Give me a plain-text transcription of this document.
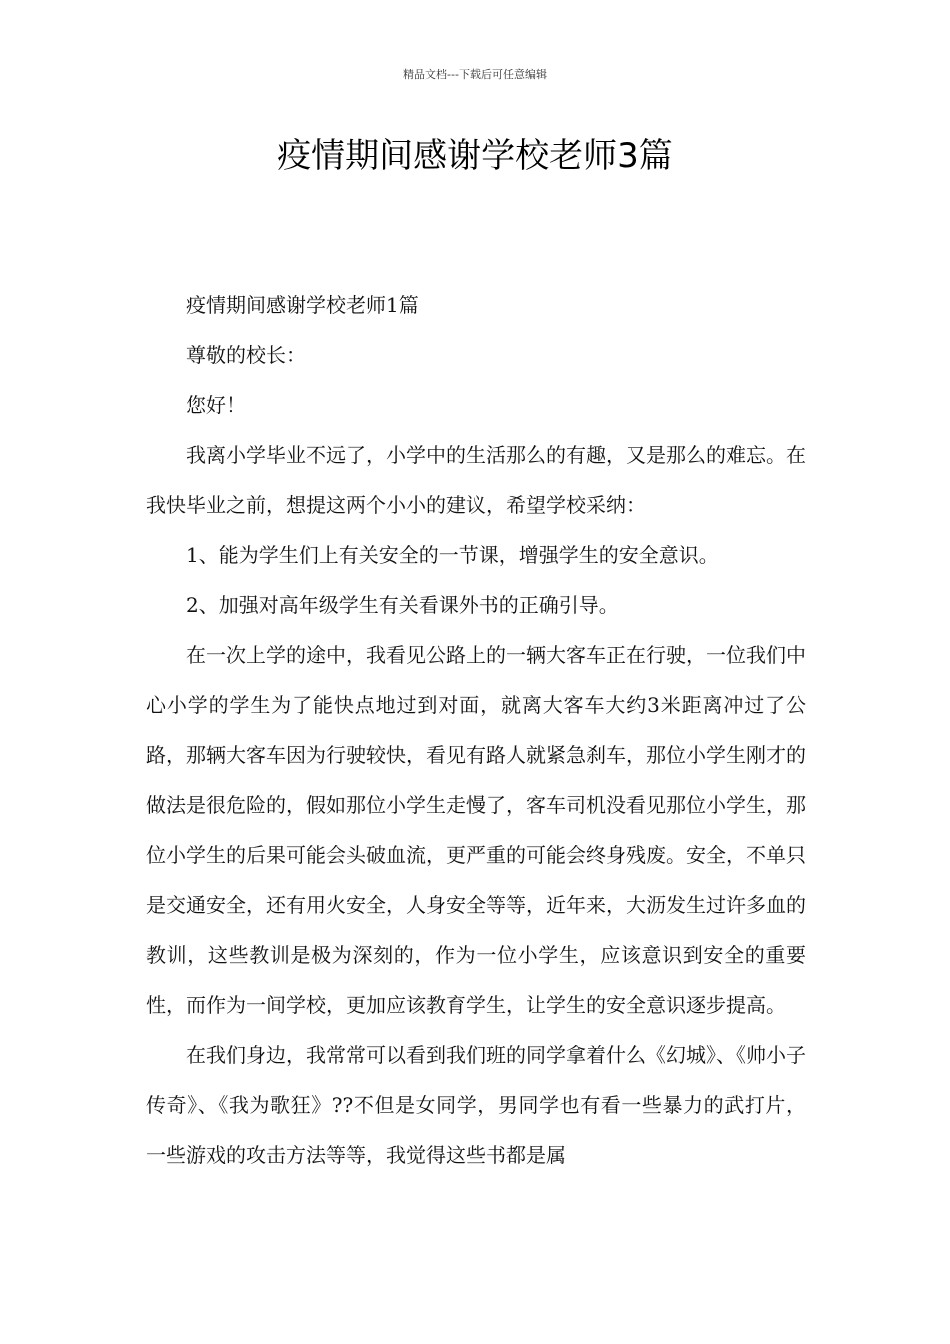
精品文档---下载后可任意编辑
疫情期间感谢学校老师3篇

疫情期间感谢学校老师1篇

尊敬的校长：

您好！

我离小学毕业不远了，小学中的生活那么的有趣，又是那么的难忘。在我快毕业之前，想提这两个小小的建议，希望学校采纳：

1、能为学生们上有关安全的一节课，增强学生的安全意识。

2、加强对高年级学生有关看课外书的正确引导。

在一次上学的途中，我看见公路上的一辆大客车正在行驶，一位我们中心小学的学生为了能快点地过到对面，就离大客车大约3米距离冲过了公路，那辆大客车因为行驶较快，看见有路人就紧急刹车，那位小学生刚才的做法是很危险的，假如那位小学生走慢了，客车司机没看见那位小学生，那位小学生的后果可能会头破血流，更严重的可能会终身残废。安全，不单只是交通安全，还有用火安全，人身安全等等，近年来，大沥发生过许多血的教训，这些教训是极为深刻的，作为一位小学生，应该意识到安全的重要性，而作为一间学校，更加应该教育学生，让学生的安全意识逐步提高。

在我们身边，我常常可以看到我们班的同学拿着什么《幻城》、《帅小子传奇》、《我为歌狂》??不但是女同学，男同学也有看一些暴力的武打片，一些游戏的攻击方法等等，我觉得这些书都是属
